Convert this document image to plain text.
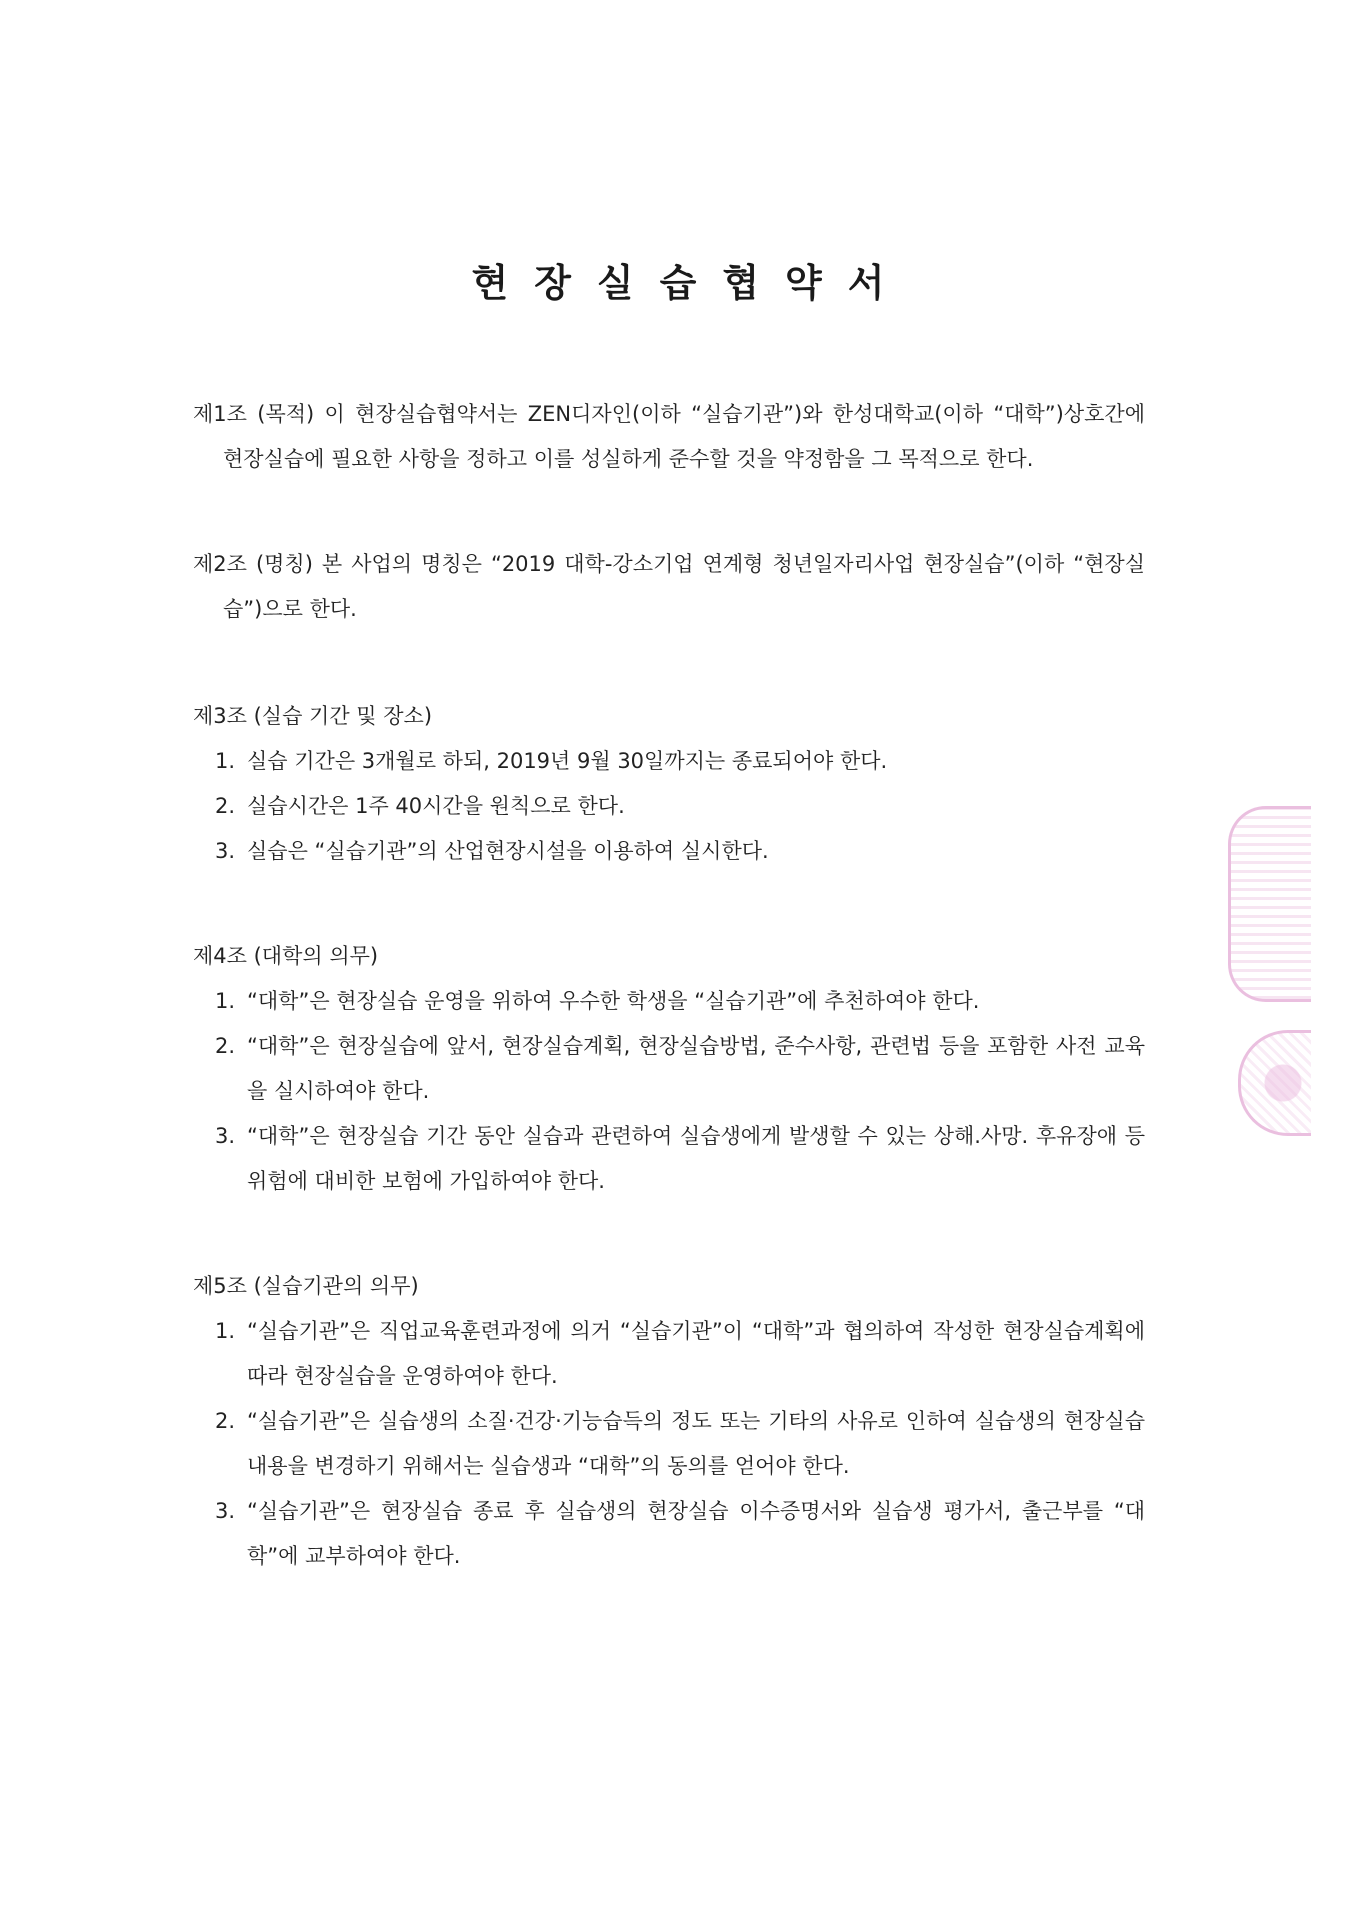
현장실습협약서
제1조 (목적) 이 현장실습협약서는 ZEN디자인(이하 “실습기관”)와 한성대학교(이하 “대학”)상호간에 현장실습에 필요한 사항을 정하고 이를 성실하게 준수할 것을 약정함을 그 목적으로 한다.
제2조 (명칭) 본 사업의 명칭은 “2019 대학-강소기업 연계형 청년일자리사업 현장실습”(이하 “현장실습”)으로 한다.
제3조 (실습 기간 및 장소)
1. 실습 기간은 3개월로 하되, 2019년 9월 30일까지는 종료되어야 한다.
2. 실습시간은 1주 40시간을 원칙으로 한다.
3. 실습은 “실습기관”의 산업현장시설을 이용하여 실시한다.
제4조 (대학의 의무)
1. “대학”은 현장실습 운영을 위하여 우수한 학생을 “실습기관”에 추천하여야 한다.
2. “대학”은 현장실습에 앞서, 현장실습계획, 현장실습방법, 준수사항, 관련법 등을 포함한 사전 교육을 실시하여야 한다.
3. “대학”은 현장실습 기간 동안 실습과 관련하여 실습생에게 발생할 수 있는 상해.사망. 후유장애 등 위험에 대비한 보험에 가입하여야 한다.
제5조 (실습기관의 의무)
1. “실습기관”은 직업교육훈련과정에 의거 “실습기관”이 “대학”과 협의하여 작성한 현장실습계획에 따라 현장실습을 운영하여야 한다.
2. “실습기관”은 실습생의 소질·건강·기능습득의 정도 또는 기타의 사유로 인하여 실습생의 현장실습내용을 변경하기 위해서는 실습생과 “대학”의 동의를 얻어야 한다.
3. “실습기관”은 현장실습 종료 후 실습생의 현장실습 이수증명서와 실습생 평가서, 출근부를 “대학”에 교부하여야 한다.
